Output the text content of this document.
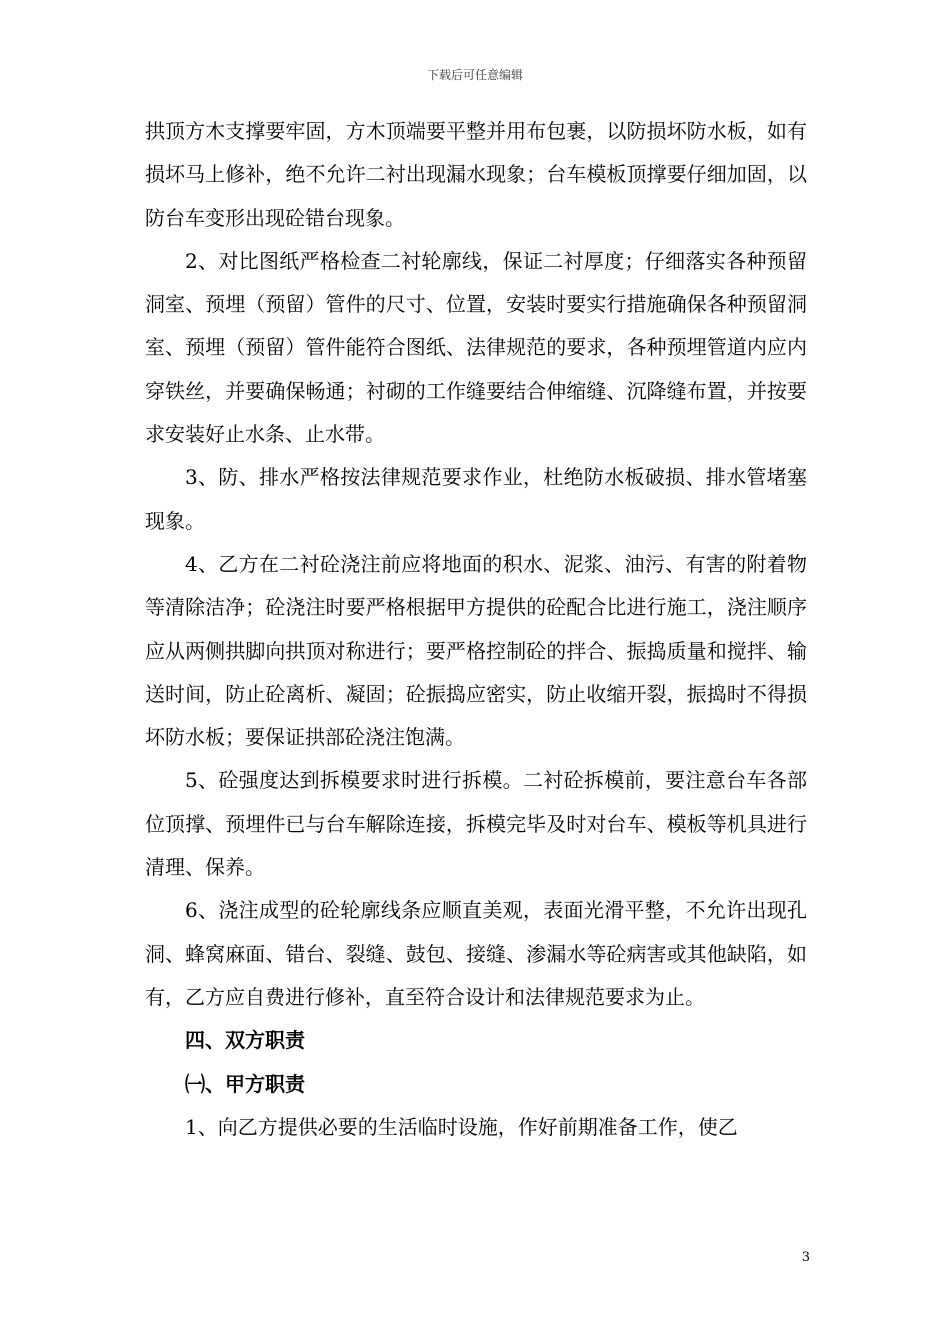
下载后可任意编辑

拱顶方木支撑要牢固，方木顶端要平整并用布包裹，以防损坏防水板，如有损坏马上修补，绝不允许二衬出现漏水现象；台车模板顶撑要仔细加固，以防台车变形出现砼错台现象。

2、对比图纸严格检查二衬轮廓线，保证二衬厚度；仔细落实各种预留洞室、预埋（预留）管件的尺寸、位置，安装时要实行措施确保各种预留洞室、预埋（预留）管件能符合图纸、法律规范的要求，各种预埋管道内应内穿铁丝，并要确保畅通；衬砌的工作缝要结合伸缩缝、沉降缝布置，并按要求安装好止水条、止水带。

3、防、排水严格按法律规范要求作业，杜绝防水板破损、排水管堵塞现象。

4、乙方在二衬砼浇注前应将地面的积水、泥浆、油污、有害的附着物等清除洁净；砼浇注时要严格根据甲方提供的砼配合比进行施工，浇注顺序应从两侧拱脚向拱顶对称进行；要严格控制砼的拌合、振捣质量和搅拌、输送时间，防止砼离析、凝固；砼振捣应密实，防止收缩开裂，振捣时不得损坏防水板；要保证拱部砼浇注饱满。

5、砼强度达到拆模要求时进行拆模。二衬砼拆模前，要注意台车各部位顶撑、预埋件已与台车解除连接，拆模完毕及时对台车、模板等机具进行清理、保养。

6、浇注成型的砼轮廓线条应顺直美观，表面光滑平整，不允许出现孔洞、蜂窝麻面、错台、裂缝、鼓包、接缝、渗漏水等砼病害或其他缺陷，如有，乙方应自费进行修补，直至符合设计和法律规范要求为止。

四、双方职责

㈠、甲方职责

1、向乙方提供必要的生活临时设施，作好前期准备工作，使乙

3
